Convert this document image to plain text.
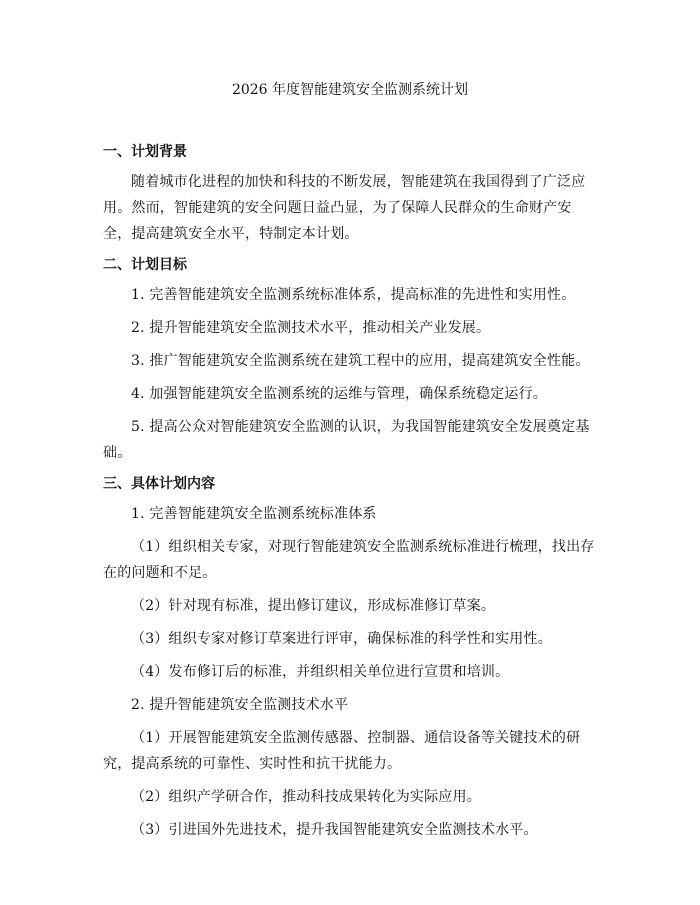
2026 年度智能建筑安全监测系统计划
一、计划背景

随着城市化进程的加快和科技的不断发展，智能建筑在我国得到了广泛应用。然而，智能建筑的安全问题日益凸显，为了保障人民群众的生命财产安全，提高建筑安全水平，特制定本计划。

二、计划目标

1. 完善智能建筑安全监测系统标准体系，提高标准的先进性和实用性。

2. 提升智能建筑安全监测技术水平，推动相关产业发展。

3. 推广智能建筑安全监测系统在建筑工程中的应用，提高建筑安全性能。

4. 加强智能建筑安全监测系统的运维与管理，确保系统稳定运行。

5. 提高公众对智能建筑安全监测的认识，为我国智能建筑安全发展奠定基础。

三、具体计划内容

1. 完善智能建筑安全监测系统标准体系

（1）组织相关专家，对现行智能建筑安全监测系统标准进行梳理，找出存在的问题和不足。

（2）针对现有标准，提出修订建议，形成标准修订草案。

（3）组织专家对修订草案进行评审，确保标准的科学性和实用性。

（4）发布修订后的标准，并组织相关单位进行宣贯和培训。

2. 提升智能建筑安全监测技术水平

（1）开展智能建筑安全监测传感器、控制器、通信设备等关键技术的研究，提高系统的可靠性、实时性和抗干扰能力。

（2）组织产学研合作，推动科技成果转化为实际应用。

（3）引进国外先进技术，提升我国智能建筑安全监测技术水平。
